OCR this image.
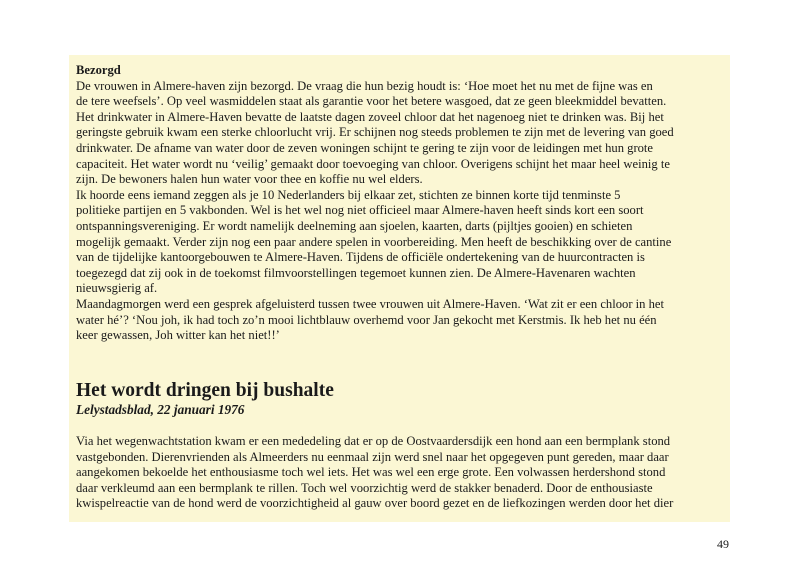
Bezorgd
De vrouwen in Almere-haven zijn bezorgd. De vraag die hun bezig houdt is: ‘Hoe moet het nu met de fijne was en
de tere weefsels’. Op veel wasmiddelen staat als garantie voor het betere wasgoed, dat ze geen bleekmiddel bevatten.
Het drinkwater in Almere-Haven bevatte de laatste dagen zoveel chloor dat het nagenoeg niet te drinken was. Bij het
geringste gebruik kwam een sterke chloorlucht vrij. Er schijnen nog steeds problemen te zijn met de levering van goed
drinkwater. De afname van water door de zeven woningen schijnt te gering te zijn voor de leidingen met hun grote
capaciteit. Het water wordt nu ‘veilig’ gemaakt door toevoeging van chloor. Overigens schijnt het maar heel weinig te
zijn. De bewoners halen hun water voor thee en koffie nu wel elders.
Ik hoorde eens iemand zeggen als je 10 Nederlanders bij elkaar zet, stichten ze binnen korte tijd tenminste 5
politieke partijen en 5 vakbonden. Wel is het wel nog niet officieel maar Almere-haven heeft sinds kort een soort
ontspanningsvereniging. Er wordt namelijk deelneming aan sjoelen, kaarten, darts (pijltjes gooien) en schieten
mogelijk gemaakt. Verder zijn nog een paar andere spelen in voorbereiding. Men heeft de beschikking over de cantine
van de tijdelijke kantoorgebouwen te Almere-Haven. Tijdens de officiële ondertekening van de huurcontracten is
toegezegd dat zij ook in de toekomst filmvoorstellingen tegemoet kunnen zien. De Almere-Havenaren wachten
nieuwsgierig af.
Maandagmorgen werd een gesprek afgeluisterd tussen twee vrouwen uit Almere-Haven. ‘Wat zit er een chloor in het
water hé’? ‘Nou joh, ik had toch zo’n mooi lichtblauw overhemd voor Jan gekocht met Kerstmis. Ik heb het nu één
keer gewassen, Joh witter kan het niet!!’
Het wordt dringen bij bushalte
Lelystadsblad, 22 januari 1976
Via het wegenwachtstation kwam er een mededeling dat er op de Oostvaardersdijk een hond aan een bermplank stond
vastgebonden. Dierenvrienden als Almeerders nu eenmaal zijn werd snel naar het opgegeven punt gereden, maar daar
aangekomen bekoelde het enthousiasme toch wel iets. Het was wel een erge grote. Een volwassen herdershond stond
daar verkleumd aan een bermplank te rillen. Toch wel voorzichtig werd de stakker benaderd. Door de enthousiaste
kwispelreactie van de hond werd de voorzichtigheid al gauw over boord gezet en de liefkozingen werden door het dier
49
